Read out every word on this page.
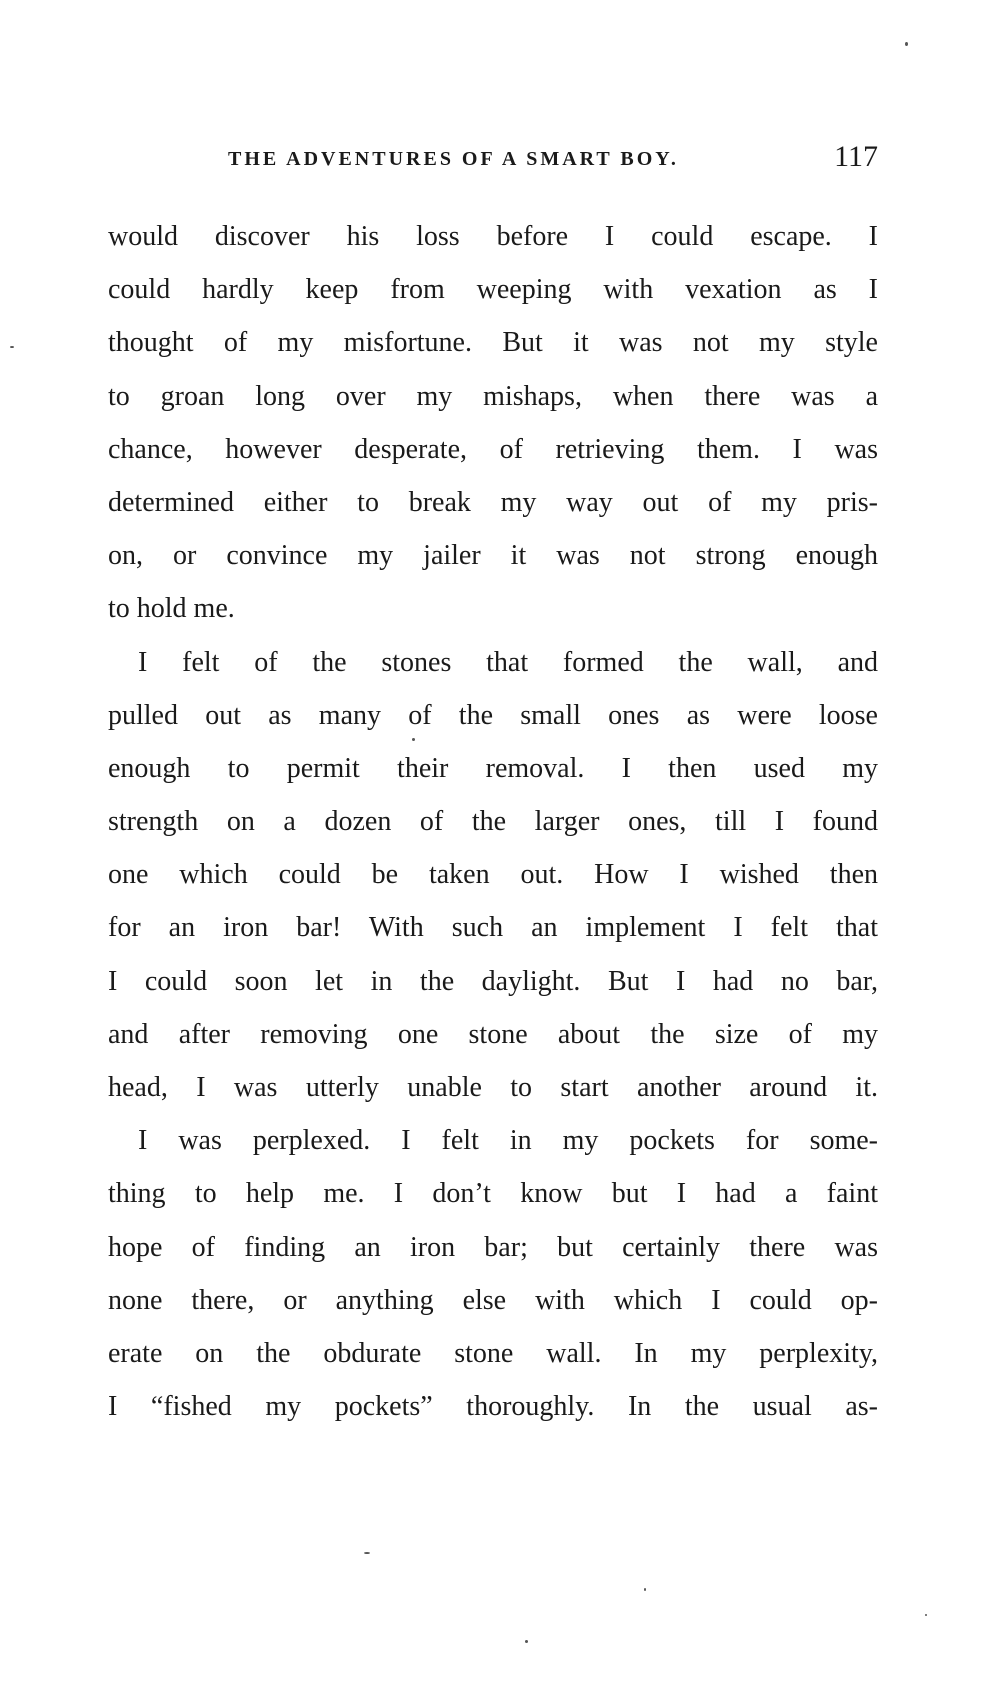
THE ADVENTURES OF A SMART BOY.	117
would discover his loss before I could escape. I
could hardly keep from weeping with vexation as I
thought of my misfortune. But it was not my style
to groan long over my mishaps, when there was a
chance, however desperate, of retrieving them. I was
determined either to break my way out of my pris-
on, or convince my jailer it was not strong enough
to hold me.
I felt of the stones that formed the wall, and
pulled out as many of the small ones as were loose
enough to permit their removal. I then used my
strength on a dozen of the larger ones, till I found
one which could be taken out. How I wished then
for an iron bar! With such an implement I felt that
I could soon let in the daylight. But I had no bar,
and after removing one stone about the size of my
head, I was utterly unable to start another around it.
I was perplexed. I felt in my pockets for some-
thing to help me. I don’t know but I had a faint
hope of finding an iron bar; but certainly there was
none there, or anything else with which I could op-
erate on the obdurate stone wall. In my perplexity,
I “fished my pockets” thoroughly. In the usual as-
